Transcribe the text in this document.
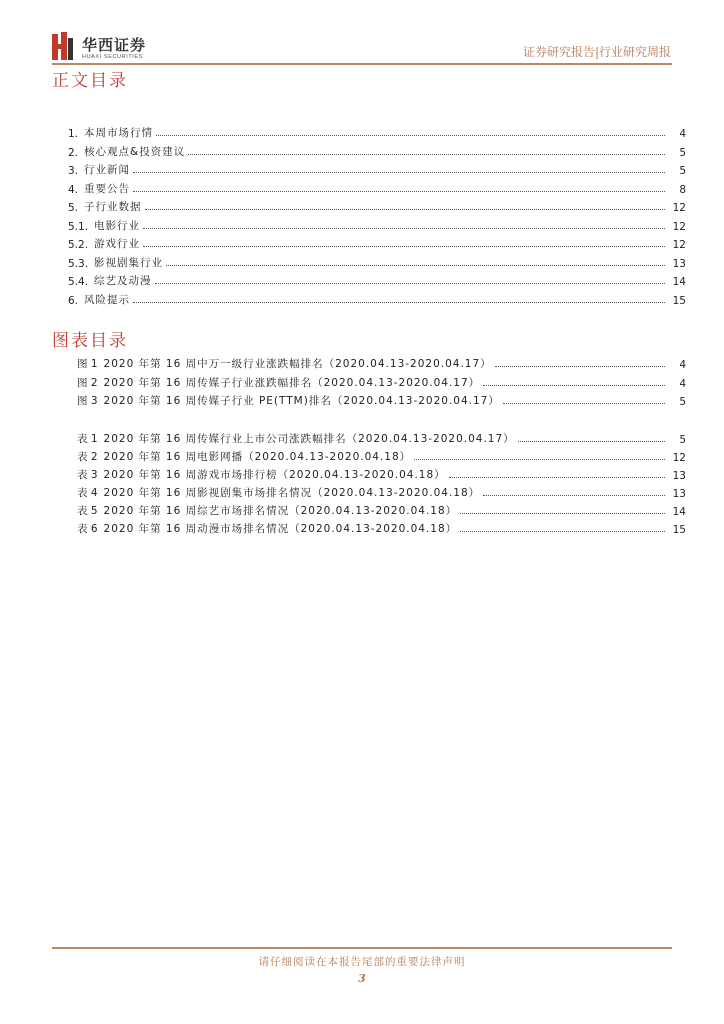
华西证券
HUAXI SECURITIES	证券研究报告|行业研究周报
正文目录
1. 本周市场行情	4
2. 核心观点&投资建议	5
3. 行业新闻	5
4. 重要公告	8
5. 子行业数据	12
5.1. 电影行业	12
5.2. 游戏行业	12
5.3. 影视剧集行业	13
5.4. 综艺及动漫	14
6. 风险提示	15
图表目录
图 1 2020 年第 16 周中万一级行业涨跌幅排名（2020.04.13-2020.04.17）	4
图 2 2020 年第 16 周传媒子行业涨跌幅排名（2020.04.13-2020.04.17）	4
图 3 2020 年第 16 周传媒子行业 PE(TTM)排名（2020.04.13-2020.04.17）	5
表 1 2020 年第 16 周传媒行业上市公司涨跌幅排名（2020.04.13-2020.04.17）	5
表 2 2020 年第 16 周电影网播（2020.04.13-2020.04.18）	12
表 3 2020 年第 16 周游戏市场排行榜（2020.04.13-2020.04.18）	13
表 4 2020 年第 16 周影视剧集市场排名情况（2020.04.13-2020.04.18）	13
表 5 2020 年第 16 周综艺市场排名情况（2020.04.13-2020.04.18）	14
表 6 2020 年第 16 周动漫市场排名情况（2020.04.13-2020.04.18）	15
请仔细阅读在本报告尾部的重要法律声明
3
